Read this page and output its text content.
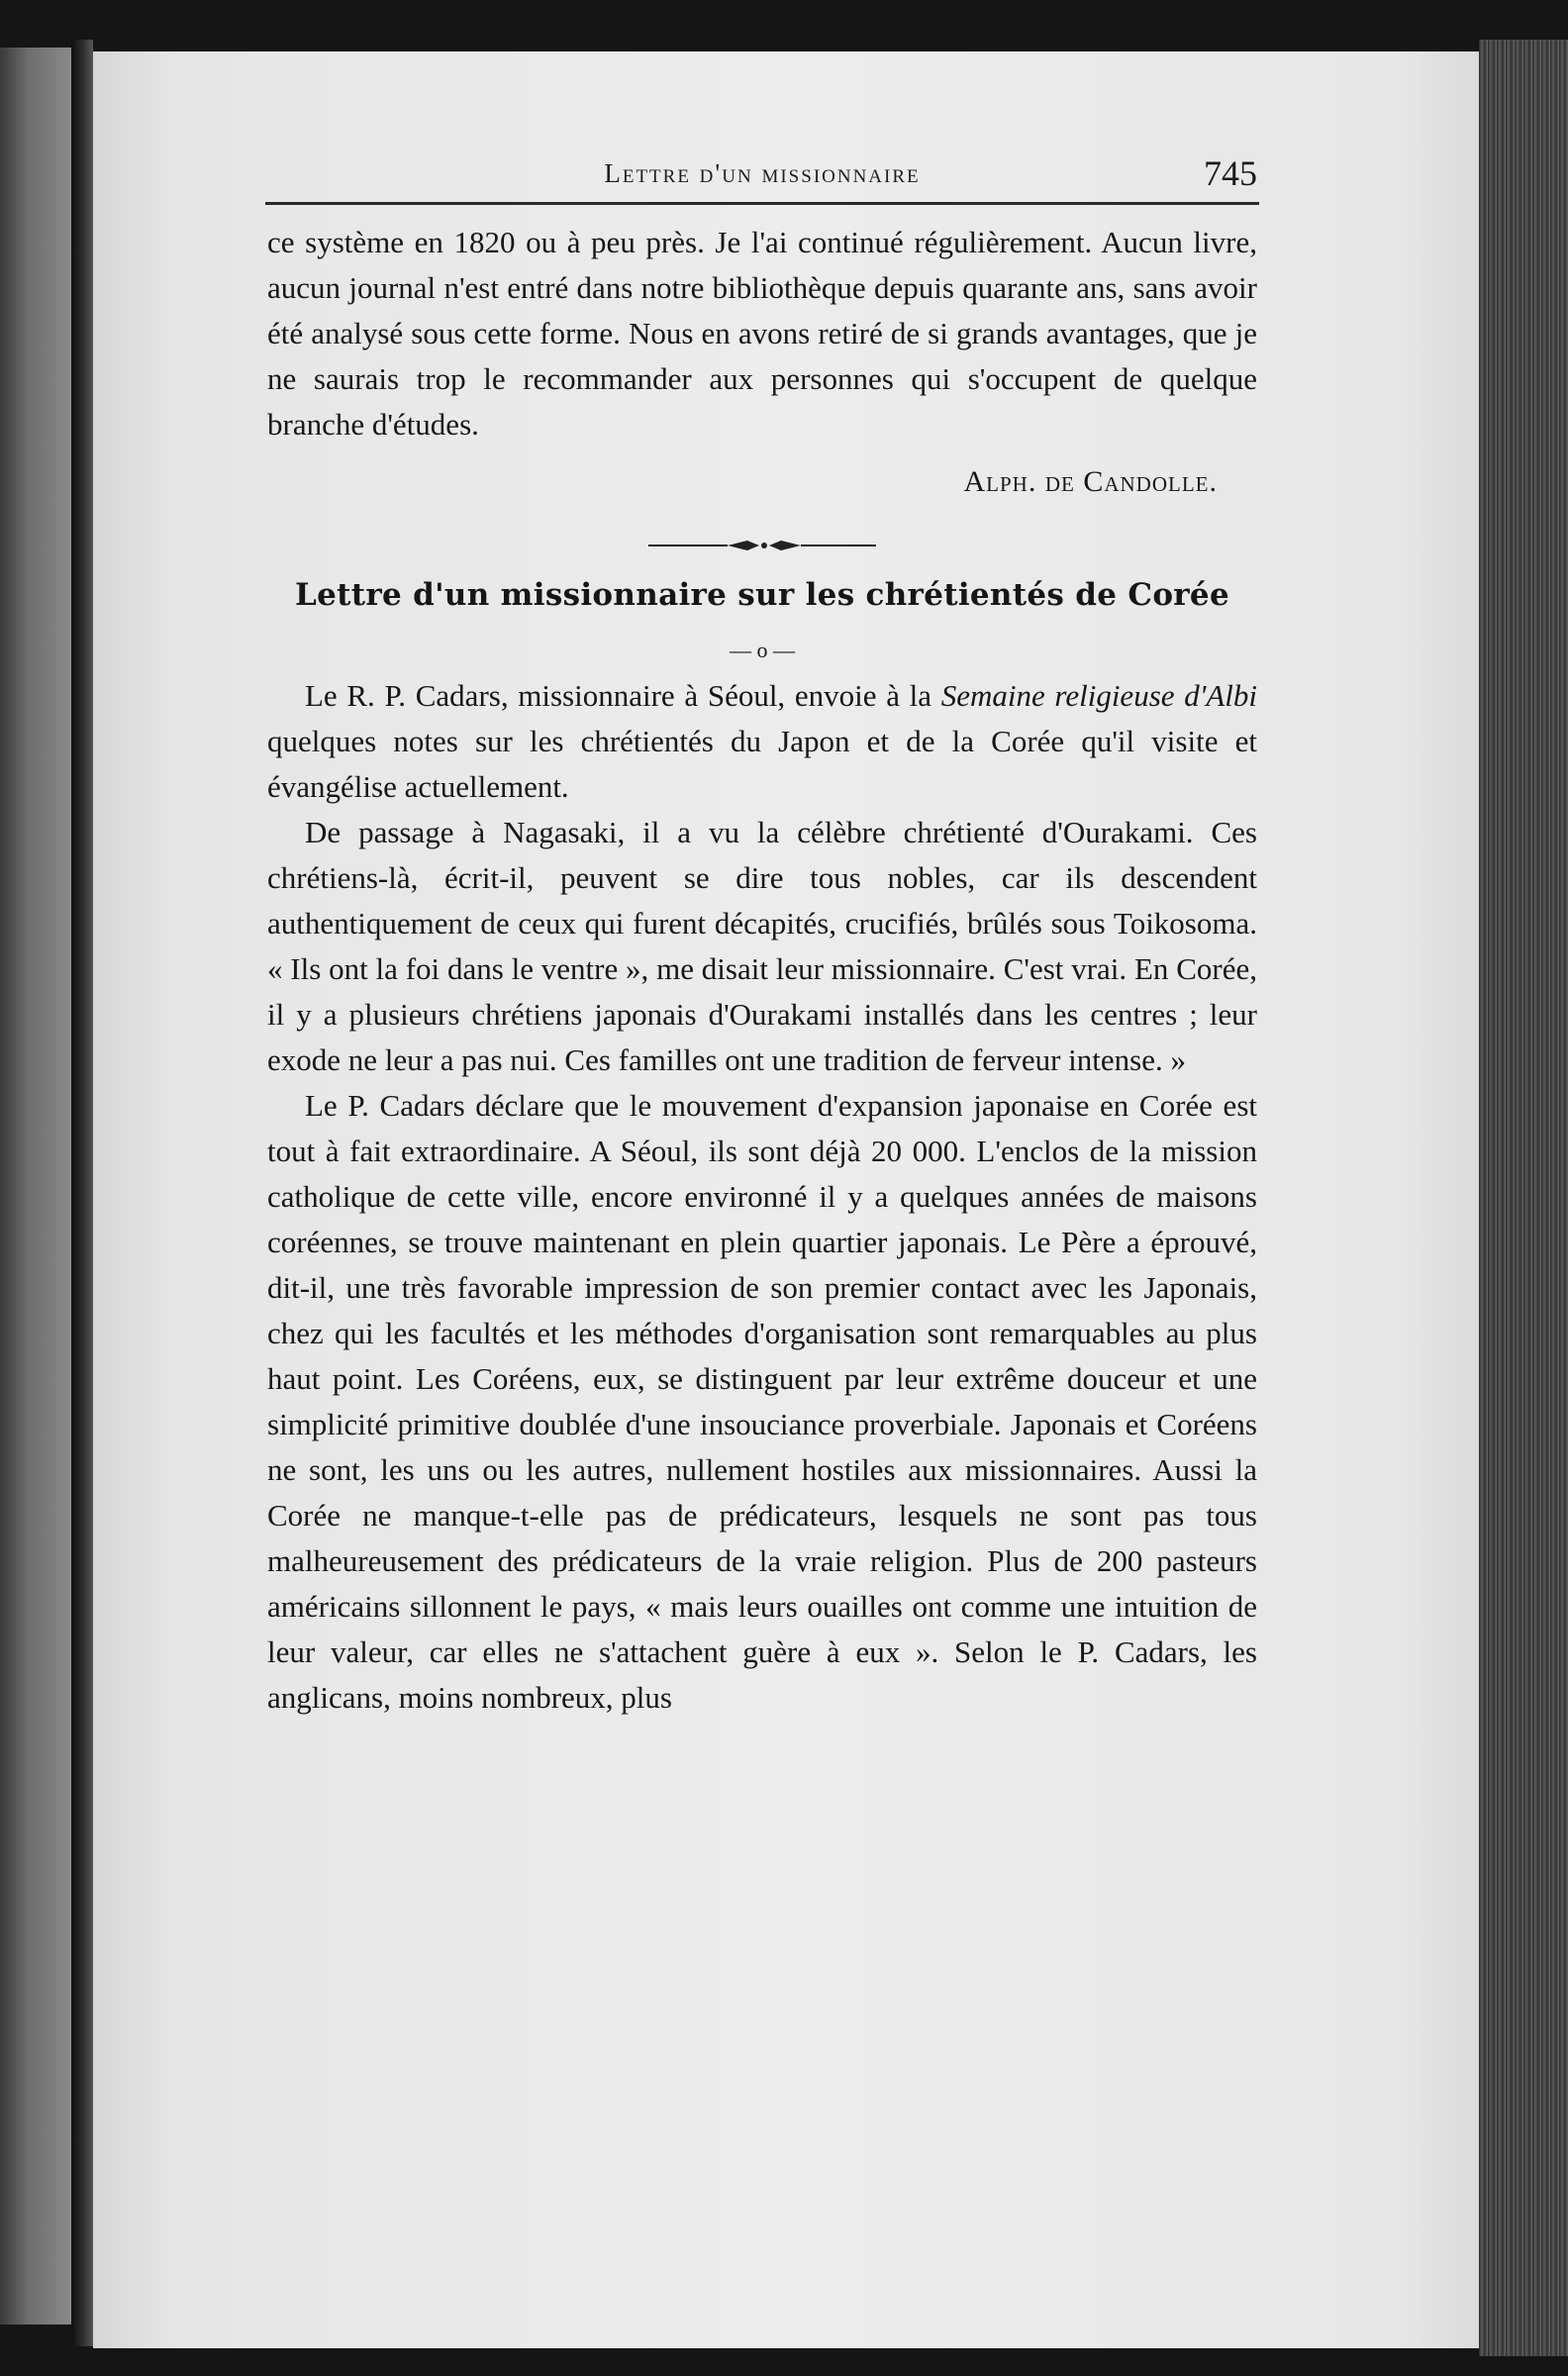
Lettre d'un missionnaire	745

ce système en 1820 ou à peu près. Je l'ai continué régulièrement. Aucun livre, aucun journal n'est entré dans notre bibliothèque depuis quarante ans, sans avoir été analysé sous cette forme. Nous en avons retiré de si grands avantages, que je ne saurais trop le recommander aux personnes qui s'occupent de quelque branche d'études.

Alph. de Candolle.

Lettre d'un missionnaire sur les chrétientés de Corée

— o —

Le R. P. Cadars, missionnaire à Séoul, envoie à la Semaine religieuse d'Albi quelques notes sur les chrétientés du Japon et de la Corée qu'il visite et évangélise actuellement.

De passage à Nagasaki, il a vu la célèbre chrétienté d'Ourakami. Ces chrétiens-là, écrit-il, peuvent se dire tous nobles, car ils descendent authentiquement de ceux qui furent décapités, crucifiés, brûlés sous Toikosoma. « Ils ont la foi dans le ventre », me disait leur missionnaire. C'est vrai. En Corée, il y a plusieurs chrétiens japonais d'Ourakami installés dans les centres ; leur exode ne leur a pas nui. Ces familles ont une tradition de ferveur intense. »

Le P. Cadars déclare que le mouvement d'expansion japonaise en Corée est tout à fait extraordinaire. A Séoul, ils sont déjà 20 000. L'enclos de la mission catholique de cette ville, encore environné il y a quelques années de maisons coréennes, se trouve maintenant en plein quartier japonais. Le Père a éprouvé, dit-il, une très favorable impression de son premier contact avec les Japonais, chez qui les facultés et les méthodes d'organisation sont remarquables au plus haut point. Les Coréens, eux, se distinguent par leur extrême douceur et une simplicité primitive doublée d'une insouciance proverbiale. Japonais et Coréens ne sont, les uns ou les autres, nullement hostiles aux missionnaires. Aussi la Corée ne manque-t-elle pas de prédicateurs, lesquels ne sont pas tous malheureusement des prédicateurs de la vraie religion. Plus de 200 pasteurs américains sillonnent le pays, « mais leurs ouailles ont comme une intuition de leur valeur, car elles ne s'attachent guère à eux ». Selon le P. Cadars, les anglicans, moins nombreux, plus
